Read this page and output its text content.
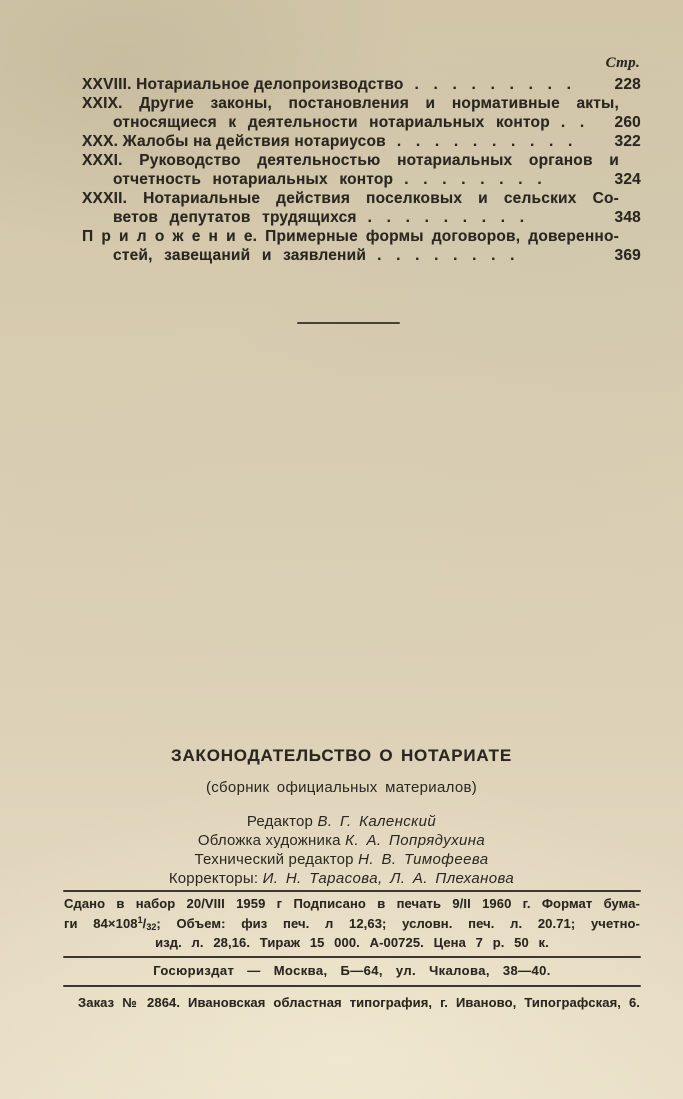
Стр.
XXVIII. Нотариальное делопроизводство . . . . . . . . .	228
XXIX. Другие законы, постановления и нормативные акты,
относящиеся к деятельности нотариальных контор . .	260
XXX. Жалобы на действия нотариусов . . . . . . . . . .	322
XXXI. Руководство деятельностью нотариальных органов и
отчетность нотариальных контор . . . . . . . .	324
XXXII. Нотариальные действия поселковых и сельских Со-
ветов депутатов трудящихся . . . . . . . . .	348
П р и л о ж е н и е. Примерные формы договоров, доверенно-
стей, завещаний и заявлений . . . . . . . .	369
ЗАКОНОДАТЕЛЬСТВО О НОТАРИАТЕ
(сборник официальных материалов)
Редактор В. Г. Каленский
Обложка художника К. А. Попрядухина
Технический редактор Н. В. Тимофеева
Корректоры: И. Н. Тарасова, Л. А. Плеханова
Сдано в набор 20/VIII 1959 г Подписано в печать 9/II 1960 г. Формат бума-
ги $84\times 108^1/_{32}$; Объем: физ печ. л 12,63; условн. печ. л. 20.71; учетно-
изд. л. 28,16. Тираж 15 000. А-00725. Цена 7 р. 50 к.
Госюриздат — Москва, Б—64, ул. Чкалова, 38—40.
Заказ № 2864. Ивановская областная типография, г. Иваново, Типографская, 6.
